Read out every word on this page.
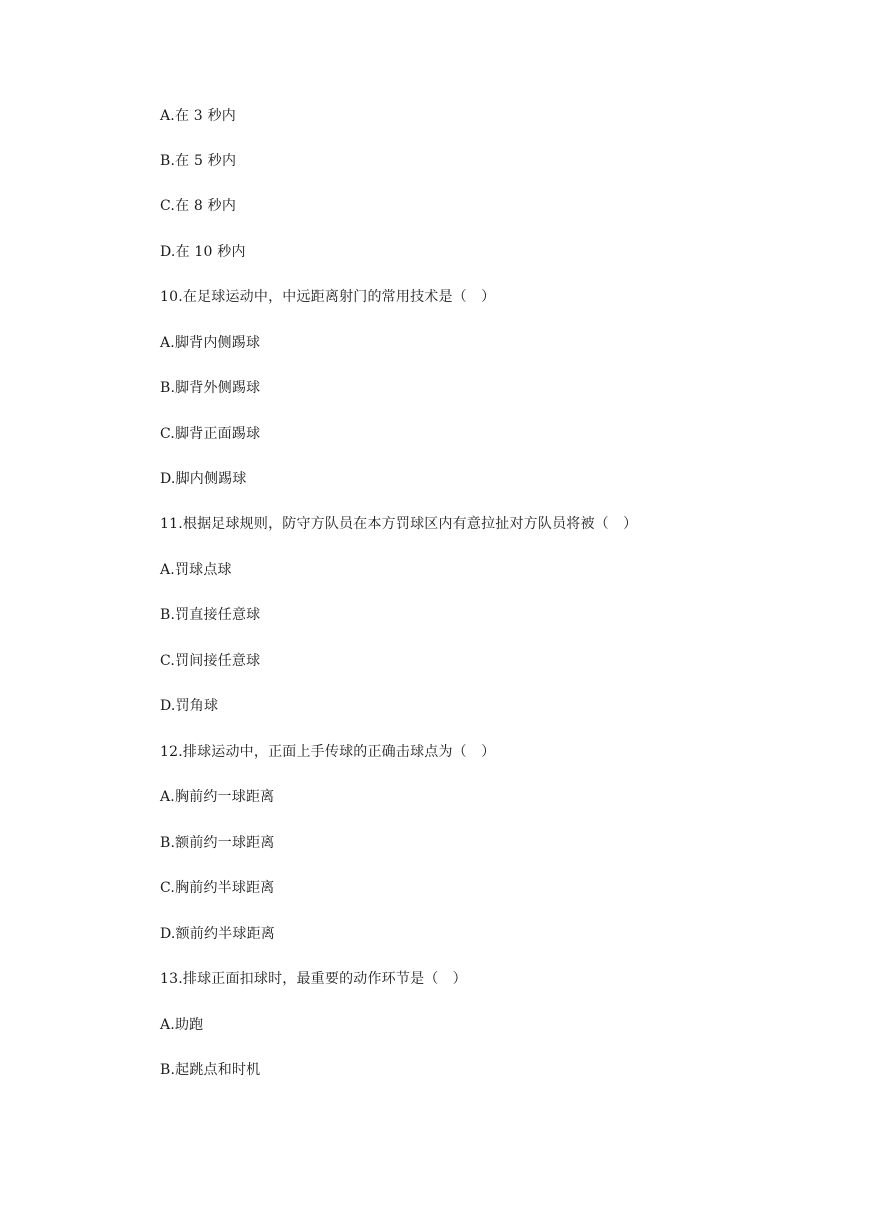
A.在 3 秒内
B.在 5 秒内
C.在 8 秒内
D.在 10 秒内
10.在足球运动中，中远距离射门的常用技术是（　）
A.脚背内侧踢球
B.脚背外侧踢球
C.脚背正面踢球
D.脚内侧踢球
11.根据足球规则，防守方队员在本方罚球区内有意拉扯对方队员将被（　）
A.罚球点球
B.罚直接任意球
C.罚间接任意球
D.罚角球
12.排球运动中，正面上手传球的正确击球点为（　）
A.胸前约一球距离
B.额前约一球距离
C.胸前约半球距离
D.额前约半球距离
13.排球正面扣球时，最重要的动作环节是（　）
A.助跑
B.起跳点和时机
